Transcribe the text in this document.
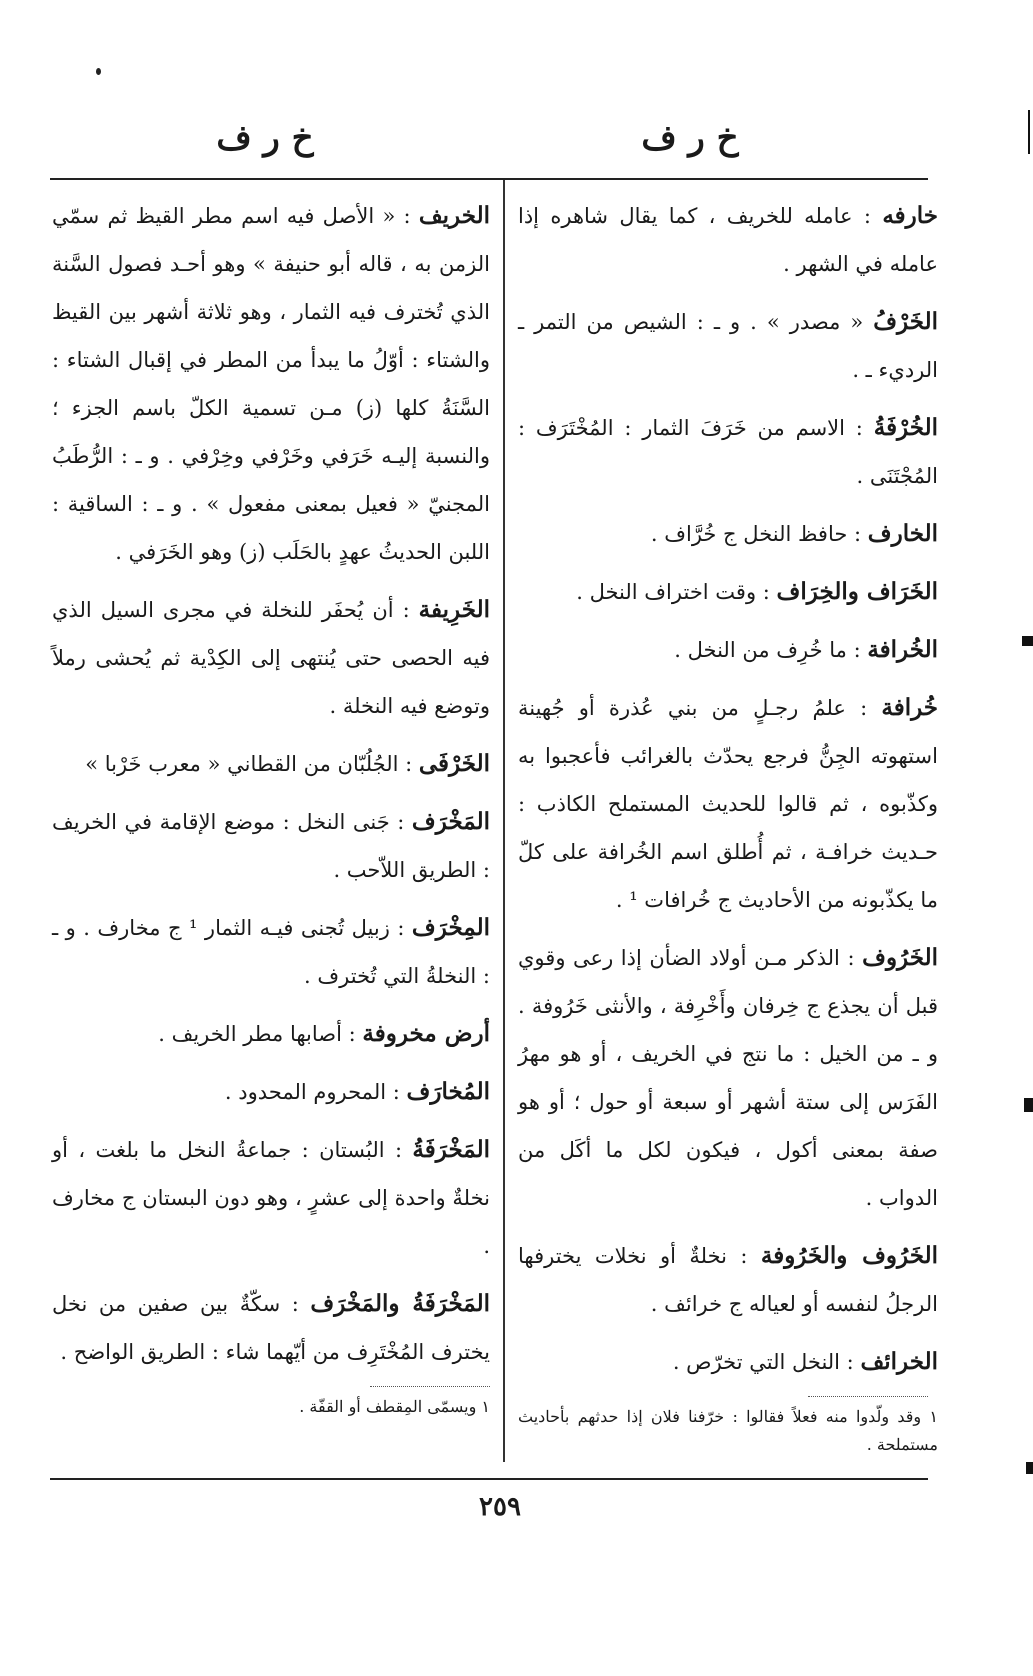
خ ر ف
خ ر ف

خارفه : عامله للخريف ، كما يقال شاهره إذا عامله في الشهر .

الخَرْفُ « مصدر » . و ـ : الشيص من التمر ـ الرديء ـ .

الخُرْفَةُ : الاسم من خَرَفَ الثمار : المُخْتَرَف : المُجْتَنَى .

الخارف : حافظ النخل ج خُرَّاف .

الخَرَاف والخِرَاف : وقت اختراف النخل .

الخُرافة : ما خُرِف من النخل .

خُرافة : علمُ رجـلٍ من بني عُذرة أو جُهينة استهوته الجِنُّ فرجع يحدّث بالغرائب فأعجبوا به وكذّبوه ، ثم قالوا للحديث المستملح الكاذب : حـديث خرافـة ، ثم أُطلق اسم الخُرافة على كلّ ما يكذّبونه من الأحاديث ج خُرافات ¹ .

الخَرُوف : الذكر مـن أولاد الضأن إذا رعى وقوي قبل أن يجذع ج خِرفان وأَخْرِفة ، والأنثى خَرُوفة . و ـ من الخيل : ما نتج في الخريف ، أو هو مهرُ الفَرَس إلى ستة أشهر أو سبعة أو حول ؛ أو هو صفة بمعنى أكول ، فيكون لكل ما أكَل من الدواب .

الخَرُوف والخَرُوفة : نخلةٌ أو نخلات يخترفها الرجلُ لنفسه أو لعياله ج خرائف .

الخرائف : النخل التي تخرّص .

١ وقد ولّدوا منه فعلاً فقالوا : خرّفنا فلان إذا حدثهم بأحاديث مستملحة .

الخريف : « الأصل فيه اسم مطر القيظ ثم سمّي الزمن به ، قاله أبو حنيفة » وهو أحـد فصول السَّنة الذي تُخترف فيه الثمار ، وهو ثلاثة أشهر بين القيظ والشتاء : أوّلُ ما يبدأ من المطر في إقبال الشتاء : السَّنَةُ كلها (ز) مـن تسمية الكلّ باسم الجزء ؛ والنسبة إليـه خَرَفي وخَرْفي وخِرْفي . و ـ : الرُّطَبُ المجنيّ « فعيل بمعنى مفعول » . و ـ : الساقية : اللبن الحديثُ عهدٍ بالحَلَب (ز) وهو الخَرَفي .

الخَرِيفة : أن يُحفَر للنخلة في مجرى السيل الذي فيه الحصى حتى يُنتهى إلى الكِدْية ثم يُحشى رملاً وتوضع فيه النخلة .

الخَرْفَى : الجُلُبّان من القطاني « معرب خَرْبا »

المَخْرَف : جَنى النخل : موضع الإقامة في الخريف : الطريق اللاّحب .

المِخْرَف : زبيل تُجنى فيـه الثمار ¹ ج مخارف . و ـ : النخلةُ التي تُخترف .

أرض مخروفة : أصابها مطر الخريف .

المُخارَف : المحروم المحدود .

المَخْرَفَةُ : البُستان : جماعةُ النخل ما بلغت ، أو نخلةٌ واحدة إلى عشرٍ ، وهو دون البستان ج مخارف .

المَخْرَفَةُ والمَخْرَف : سكّةٌ بين صفين من نخل يخترف المُخْتَرِف من أيّهما شاء : الطريق الواضح .

١ ويسمّى المِقطف أو القفّة .
٢٥٩
